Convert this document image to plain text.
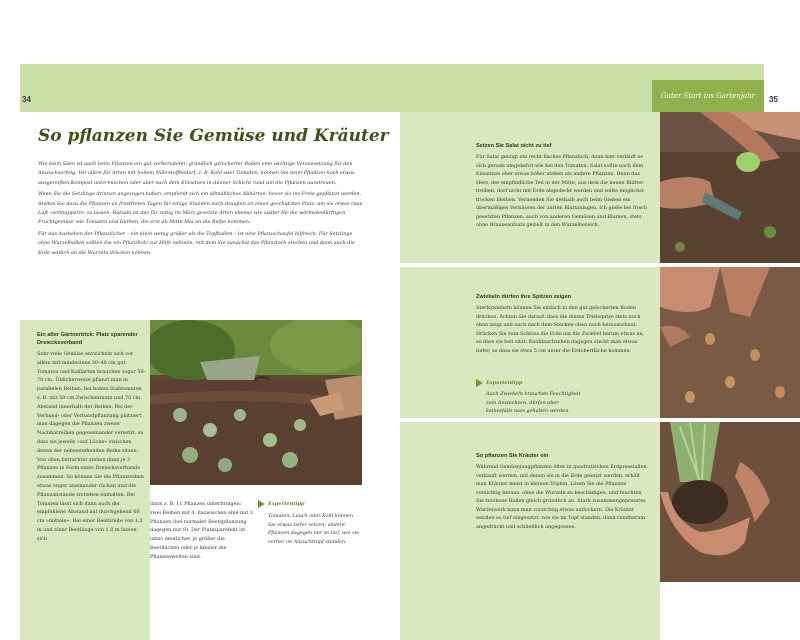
34	35
Guter Start ins Gartenjahr
So pflanzen Sie Gemüse und Kräuter

Wie beim Säen ist auch beim Pflanzen ein gut vorbereiteter, gründlich gelockerter Boden eine wichtige Voraussetzung für den Anwuchserfolg. Vor allem für Arten mit hohem Nährstoffbedarf, z. B. Kohl oder Tomaten, können Sie beim Pflanzen noch etwas ausgereiften Kompost untermischen oder aber nach dem Einsetzen in dünner Schicht rund um die Pflanzen ausstreuen.

Wenn Sie die Setzlinge drinnen angezogen haben, empfiehlt sich ein allmähliches Abhärten, bevor sie ins Freie gepflanzt werden. Stellen Sie dazu die Pflanzen an frostfreien Tagen für einige Stunden nach draußen an einen geschützten Platz, um sie etwas raue Luft »schnuppern« zu lassen. Ratsam ist das für zeitig im März gesetzte Arten ebenso wie später für die wärmebedürftigen Fruchtgemüse wie Tomaten und Gurken, die erst ab Mitte Mai an die Reihe kommen.

Für das Ausheben der Pflanzlöcher – ein klein wenig größer als die Topfballen – ist eine Pflanzschaufel hilfreich. Für Setzlinge ohne Wurzelballen sollten Sie ein Pflanzholz zur Hilfe nehmen, mit dem Sie zunächst das Pflanzloch stechen und dann auch die Erde seitlich an die Wurzeln drücken können.

Ein alter Gärtnertrick: Platz sparender Dreiecksverband

Sehr viele Gemüse entwickeln sich vor allem mit mindestens 30–40 cm gut. Tomaten und Kohlarten brauchen sogar 50–70 cm. Üblicherweise pflanzt man in parallelen Reihen, bei hohen Stabtomaten z. B. mit 50 cm Zwischenraum und 70 cm Abstand innerhalb der Reihen. Bei der Verband- oder Verbandpflanzung platziert man dagegen die Pflanzen zweier Nachbarreihen gegeneinander versetzt, so dass sie jeweils »auf Lücke« zwischen denen der nebenstehenden Reihe sitzen. Von oben betrachtet stehen dann je 3 Pflanzen in Form eines Dreiecksverbands zusammen. So können Sie die Pflanzreihen etwas enger aneinander rücken und die Pflanzabstände trotzdem einhalten. Bei Tomaten lässt sich dann auch der empfohlene Abstand auf durchgehend 60 cm »mitteln«. Bei einer Beetbreite von 1,2 m und einer Beetlänge von 1,8 m lassen sich

dann z. B. 11 Pflanzen unterbringen: zwei Reihen mit 4, dazwischen eine mit 3 Pflanzen (bei normaler Beetspflanzung dagegen nur 9). Der Platzsparefekt ist umso deutlicher, je größer die Beetflächen oder je kleiner die Pflanzenweiten sind.

Expertentipp

Tomaten, Lauch oder Kohl können Sie etwas tiefer setzen; andere Pflanzen dagegen nur so tief, wie sie vorher im Anzuchttopf standen.

Setzen Sie Salat nicht zu tief

Für Salat genügt ein recht flaches Pflanzloch, denn hier verläuft es sich gerade umgekehrt wie bei den Tomaten: Salat sollte nach dem Einsetzen eher etwas höher stehen als andere Pflanzen. Denn das Herz, der empfindliche Teil in der Mitte, aus dem die neuen Blätter treiben, darf nicht mit Erde abgedeckt werden und sollte möglichst trocken bleiben. Vermeiden Sie deshalb auch beim Gießen ein übermäßiges Vernässen der zarten Blattanlagen. Ich gieße bei frisch gesetzten Pflanzen, auch von anderen Gemüsen und Blumen, stets ohne Brauseaufsatz gezielt in den Wurzelbereich.

Zwiebeln dürfen ihre Spitzen zeigen

Steckzwiebeln können Sie einfach in den gut gelockerten Boden drücken. Achten Sie darauf, dass die dünne Triebspitze stets noch oben zeigt und auch nach dem Stecken oben noch herausschaut. Drücken Sie zum Schluss die Erde um die Zwiebel herum etwas an, so dass sie fest sitzt. Knoblauchzehen dagegen steckt man etwas tiefer, so dass sie etwa 5 cm unter die Erdoberfläche kommen.

Expertentipp

Auch Zwiebeln brauchen Feuchtigkeit zum Anwachsen, dürfen aber keinesfalls nass gehalten werden.

So pflanzen Sie Kräuter ein

Während Gemüsejungpflanzen öfter in quadratischen Erdpresstallen verkauft werden, mit denen sie in die Erde gesetzt werden, erhält man Kräuter meist in kleinen Töpfen. Lösen Sie die Pflanzen vorsichtig heraus, ohne die Wurzeln zu beschädigen, und feuchten Sie trockene Ballen gleich gründlich an. Stark zusammengepresstes Wurzelwerk kann man vorsichtig etwas auflockern. Die Kräuter werden so tief eingesetzt, wie sie im Topf standen, dann rundherum angedrückt und schließlich angegossen.
